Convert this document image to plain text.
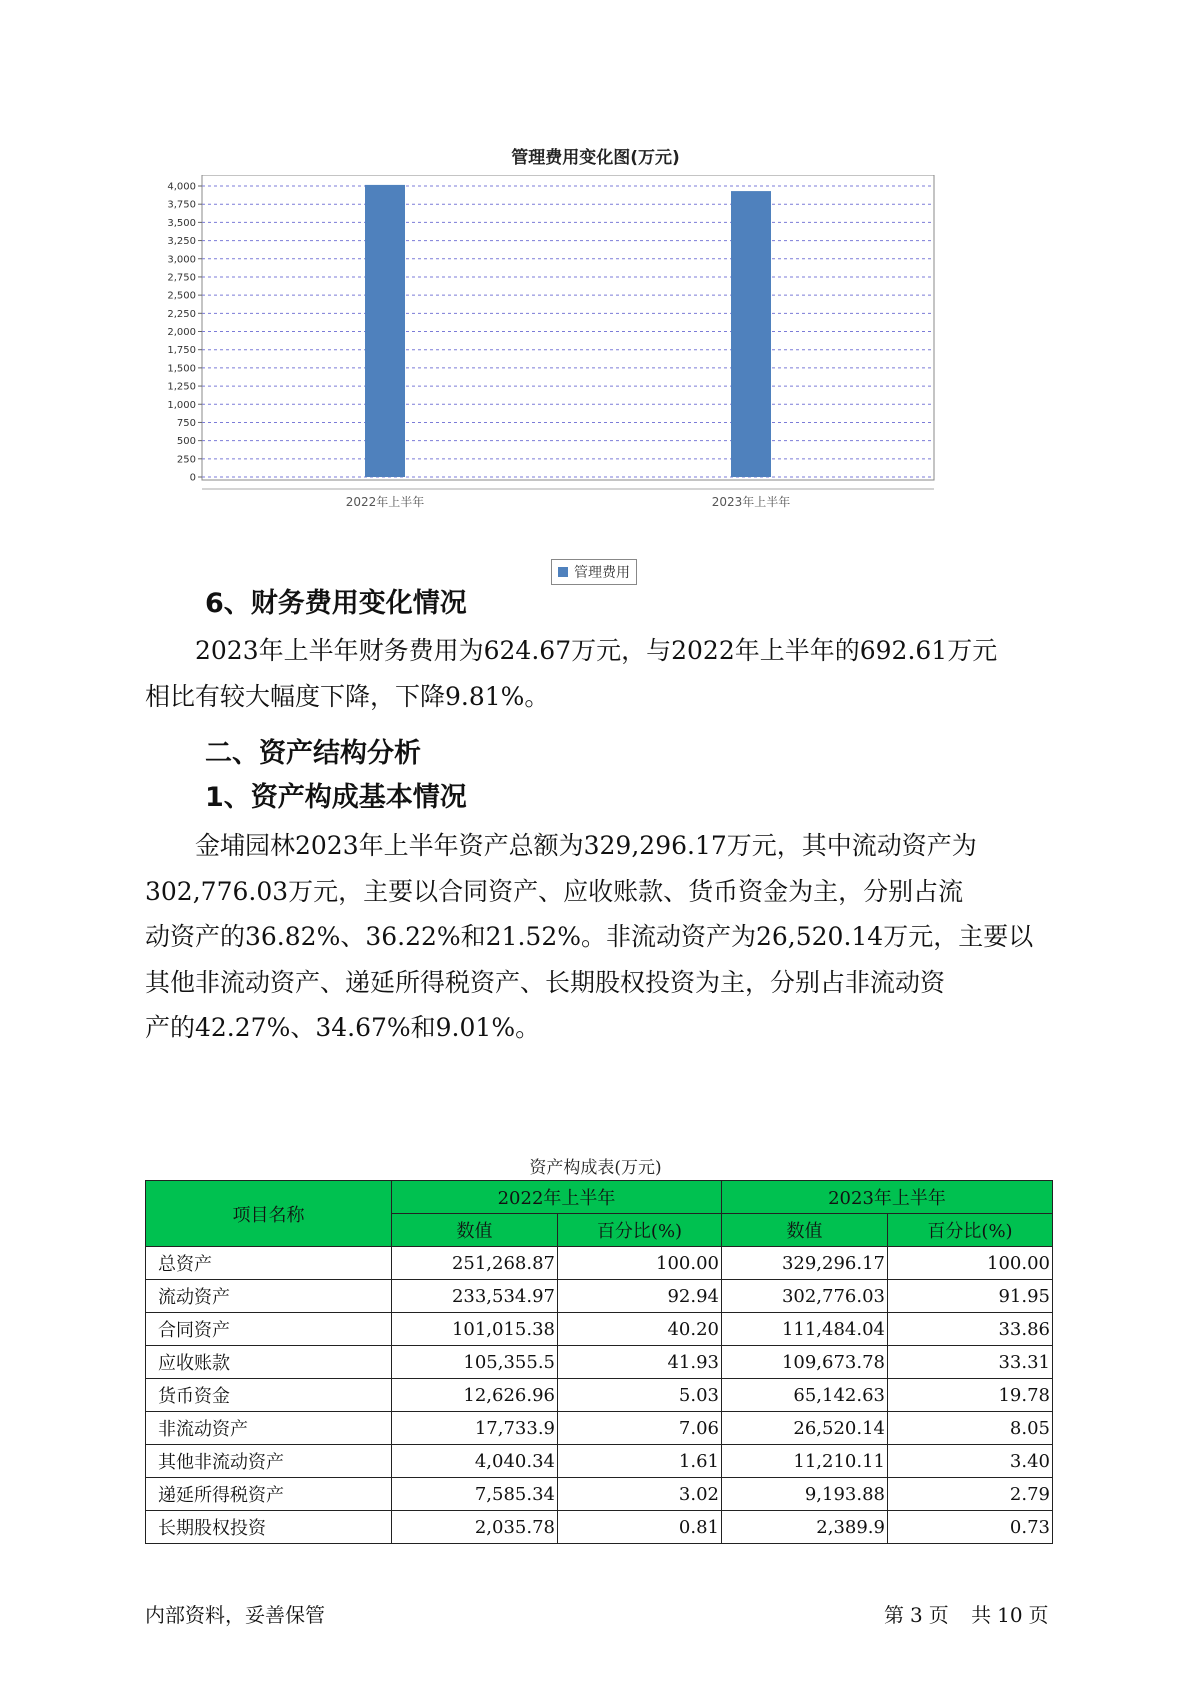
管理费用变化图(万元)
0
250
500
750
1,000
1,250
1,500
1,750
2,000
2,250
2,500
2,750
3,000
3,250
3,500
3,750
4,000
2022年上半年	2023年上半年
管理费用
6、财务费用变化情况
2023年上半年财务费用为624.67万元，与2022年上半年的692.61万元
相比有较大幅度下降，下降9.81%。
二、资产结构分析
1、资产构成基本情况
金埔园林2023年上半年资产总额为329,296.17万元，其中流动资产为
302,776.03万元，主要以合同资产、应收账款、货币资金为主，分别占流
动资产的36.82%、36.22%和21.52%。非流动资产为26,520.14万元，主要以
其他非流动资产、递延所得税资产、长期股权投资为主，分别占非流动资
产的42.27%、34.67%和9.01%。
资产构成表(万元)
项目名称	2022年上半年		2023年上半年	
	数值	百分比(%)	数值	百分比(%)
总资产	251,268.87	100.00	329,296.17	100.00
流动资产	233,534.97	92.94	302,776.03	91.95
合同资产	101,015.38	40.20	111,484.04	33.86
应收账款	105,355.5	41.93	109,673.78	33.31
货币资金	12,626.96	5.03	65,142.63	19.78
非流动资产	17,733.9	7.06	26,520.14	8.05
其他非流动资产	4,040.34	1.61	11,210.11	3.40
递延所得税资产	7,585.34	3.02	9,193.88	2.79
长期股权投资	2,035.78	0.81	2,389.9	0.73
内部资料，妥善保管	第 3 页 共 10 页
